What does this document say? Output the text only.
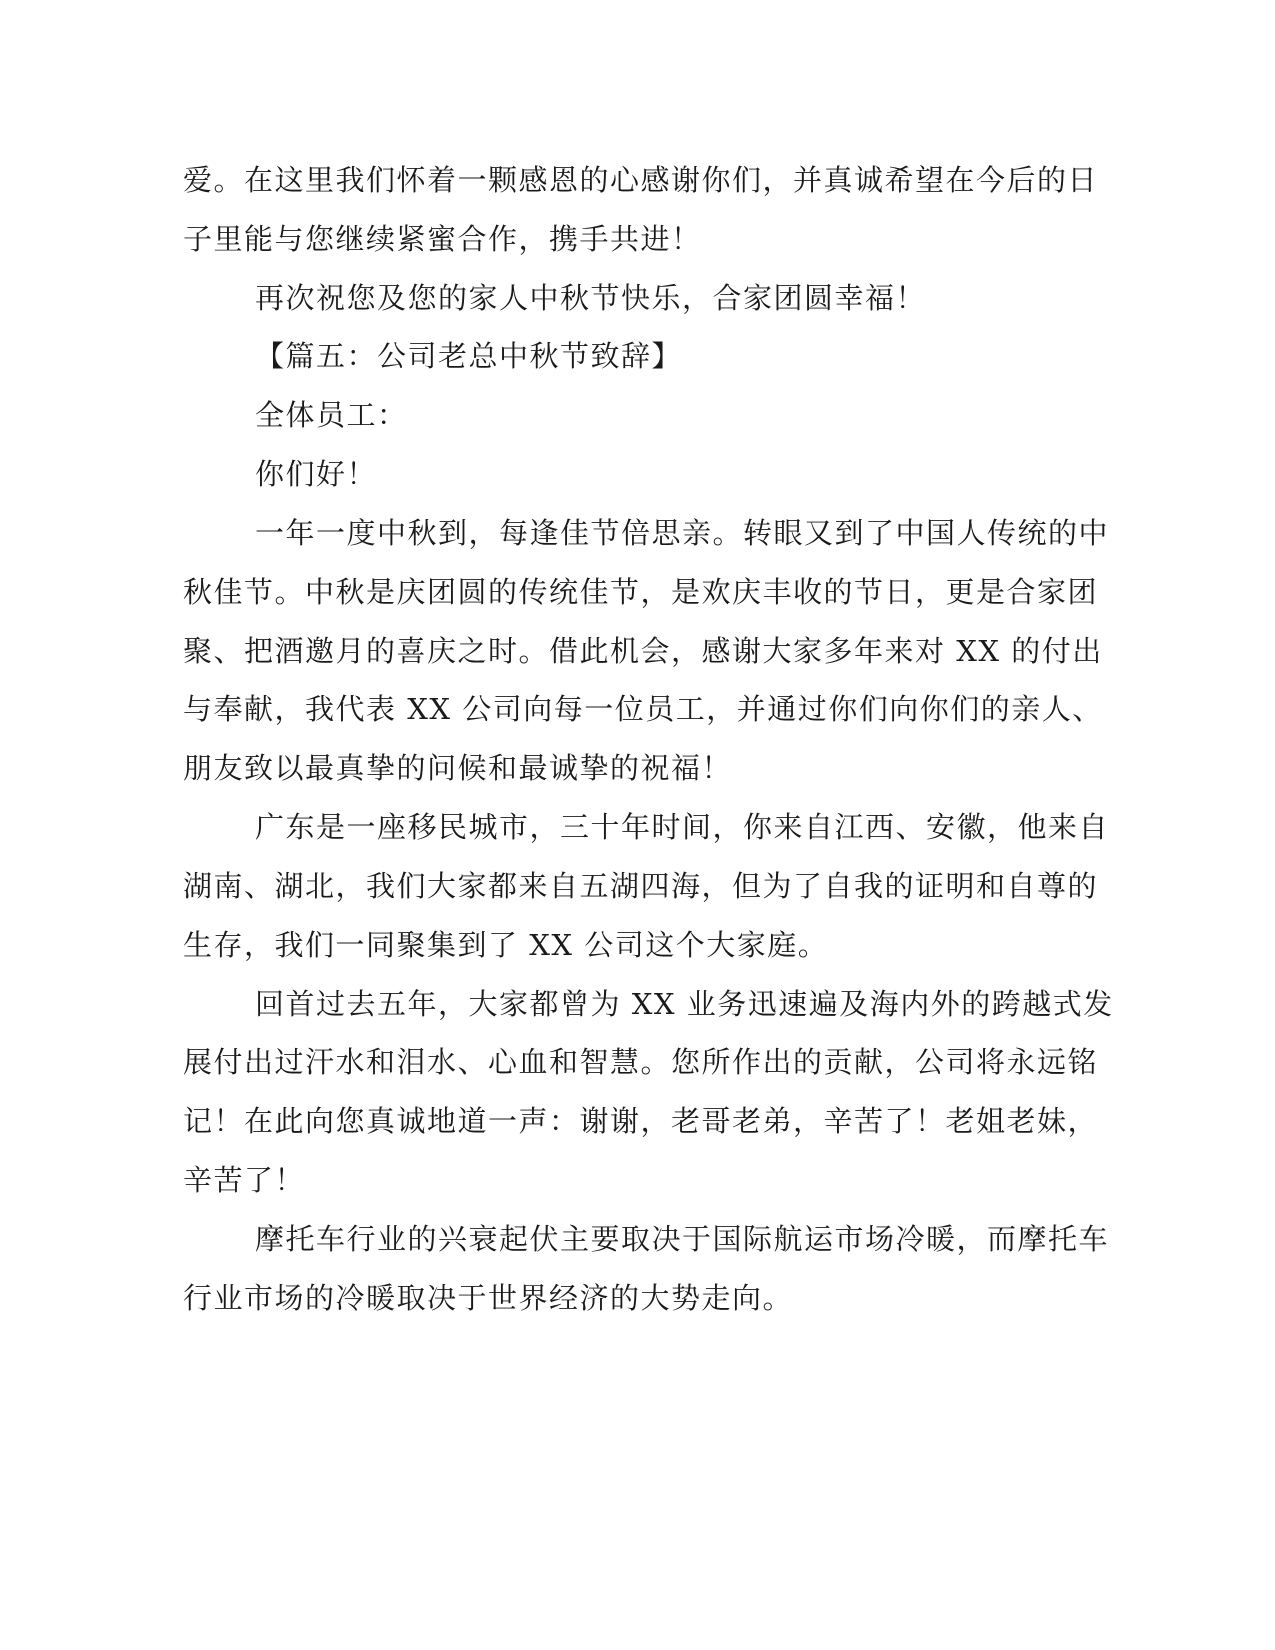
爱。在这里我们怀着一颗感恩的心感谢你们，并真诚希望在今后的日
子里能与您继续紧蜜合作，携手共进！
再次祝您及您的家人中秋节快乐，合家团圆幸福！
【篇五：公司老总中秋节致辞】
全体员工：
你们好！
一年一度中秋到，每逢佳节倍思亲。转眼又到了中国人传统的中
秋佳节。中秋是庆团圆的传统佳节，是欢庆丰收的节日，更是合家团
聚、把酒邀月的喜庆之时。借此机会，感谢大家多年来对 XX 的付出
与奉献，我代表 XX 公司向每一位员工，并通过你们向你们的亲人、
朋友致以最真挚的问候和最诚挚的祝福！
广东是一座移民城市，三十年时间，你来自江西、安徽，他来自
湖南、湖北，我们大家都来自五湖四海，但为了自我的证明和自尊的
生存，我们一同聚集到了 XX 公司这个大家庭。
回首过去五年，大家都曾为 XX 业务迅速遍及海内外的跨越式发
展付出过汗水和泪水、心血和智慧。您所作出的贡献，公司将永远铭
记！在此向您真诚地道一声：谢谢，老哥老弟，辛苦了！老姐老妹，
辛苦了！
摩托车行业的兴衰起伏主要取决于国际航运市场冷暖，而摩托车
行业市场的冷暖取决于世界经济的大势走向。
